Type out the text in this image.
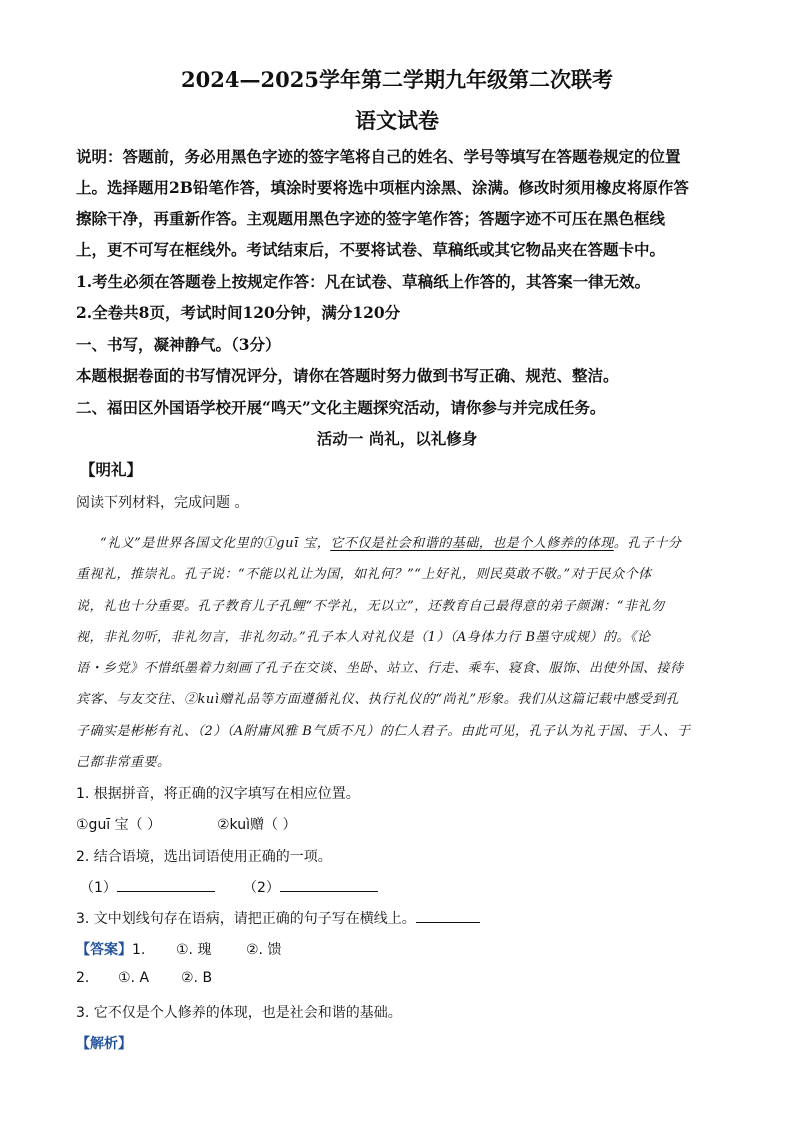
2024—2025学年第二学期九年级第二次联考
语文试卷
说明：答题前，务必用黑色字迹的签字笔将自己的姓名、学号等填写在答题卷规定的位置
上。选择题用2B铅笔作答，填涂时要将选中项框内涂黑、涂满。修改时须用橡皮将原作答
擦除干净，再重新作答。主观题用黑色字迹的签字笔作答；答题字迹不可压在黑色框线
上，更不可写在框线外。考试结束后，不要将试卷、草稿纸或其它物品夹在答题卡中。
1.考生必须在答题卷上按规定作答：凡在试卷、草稿纸上作答的，其答案一律无效。
2.全卷共8页，考试时间120分钟，满分120分
一、书写，凝神静气。（3分）
本题根据卷面的书写情况评分，请你在答题时努力做到书写正确、规范、整洁。
二、福田区外国语学校开展“鸣天”文化主题探究活动，请你参与并完成任务。
活动一 尚礼，以礼修身
【明礼】
阅读下列材料，完成问题 。
“礼义”是世界各国文化里的①guī 宝，它不仅是社会和谐的基础，也是个人修养的体现。孔子十分
重视礼，推崇礼。孔子说：“不能以礼让为国，如礼何？”“上好礼，则民莫敢不敬。”对于民众个体
说，礼也十分重要。孔子教育儿子孔鲤“不学礼，无以立”，还教育自己最得意的弟子颜渊：“非礼勿
视，非礼勿听，非礼勿言，非礼勿动。”孔子本人对礼仪是（1）（A身体力行 B墨守成规）的。《论
语・乡党》不惜纸墨着力刻画了孔子在交谈、坐卧、站立、行走、乘车、寝食、服饰、出使外国、接待
宾客、与友交往、②kuì赠礼品等方面遵循礼仪、执行礼仪的“尚礼”形象。我们从这篇记载中感受到孔
子确实是彬彬有礼、（2）（A附庸风雅 B气质不凡）的仁人君子。由此可见，孔子认为礼于国、于人、于
己都非常重要。
1. 根据拼音，将正确的汉字填写在相应位置。
①guī 宝（ ）	②kuì赠（ ）
2. 结合语境，选出词语使用正确的一项。
（1）	（2）
3. 文中划线句存在语病，请把正确的句子写在横线上。
【答案】1. ①. 瑰 ②. 馈
2. ①. A ②. B
3. 它不仅是个人修养的体现，也是社会和谐的基础。
【解析】
